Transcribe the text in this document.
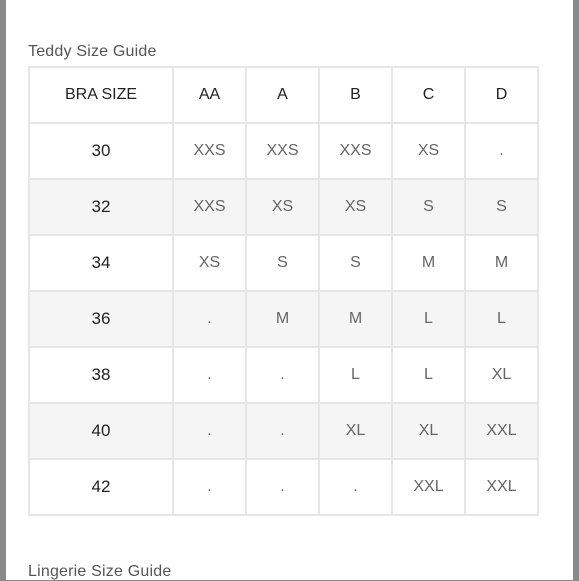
Teddy Size Guide
BRA SIZE	AA	A	B	C	D
30	XXS	XXS	XXS	XS	.
32	XXS	XS	XS	S	S
34	XS	S	S	M	M
36	.	M	M	L	L
38	.	.	L	L	XL
40	.	.	XL	XL	XXL
42	.	.	.	XXL	XXL
Lingerie Size Guide
